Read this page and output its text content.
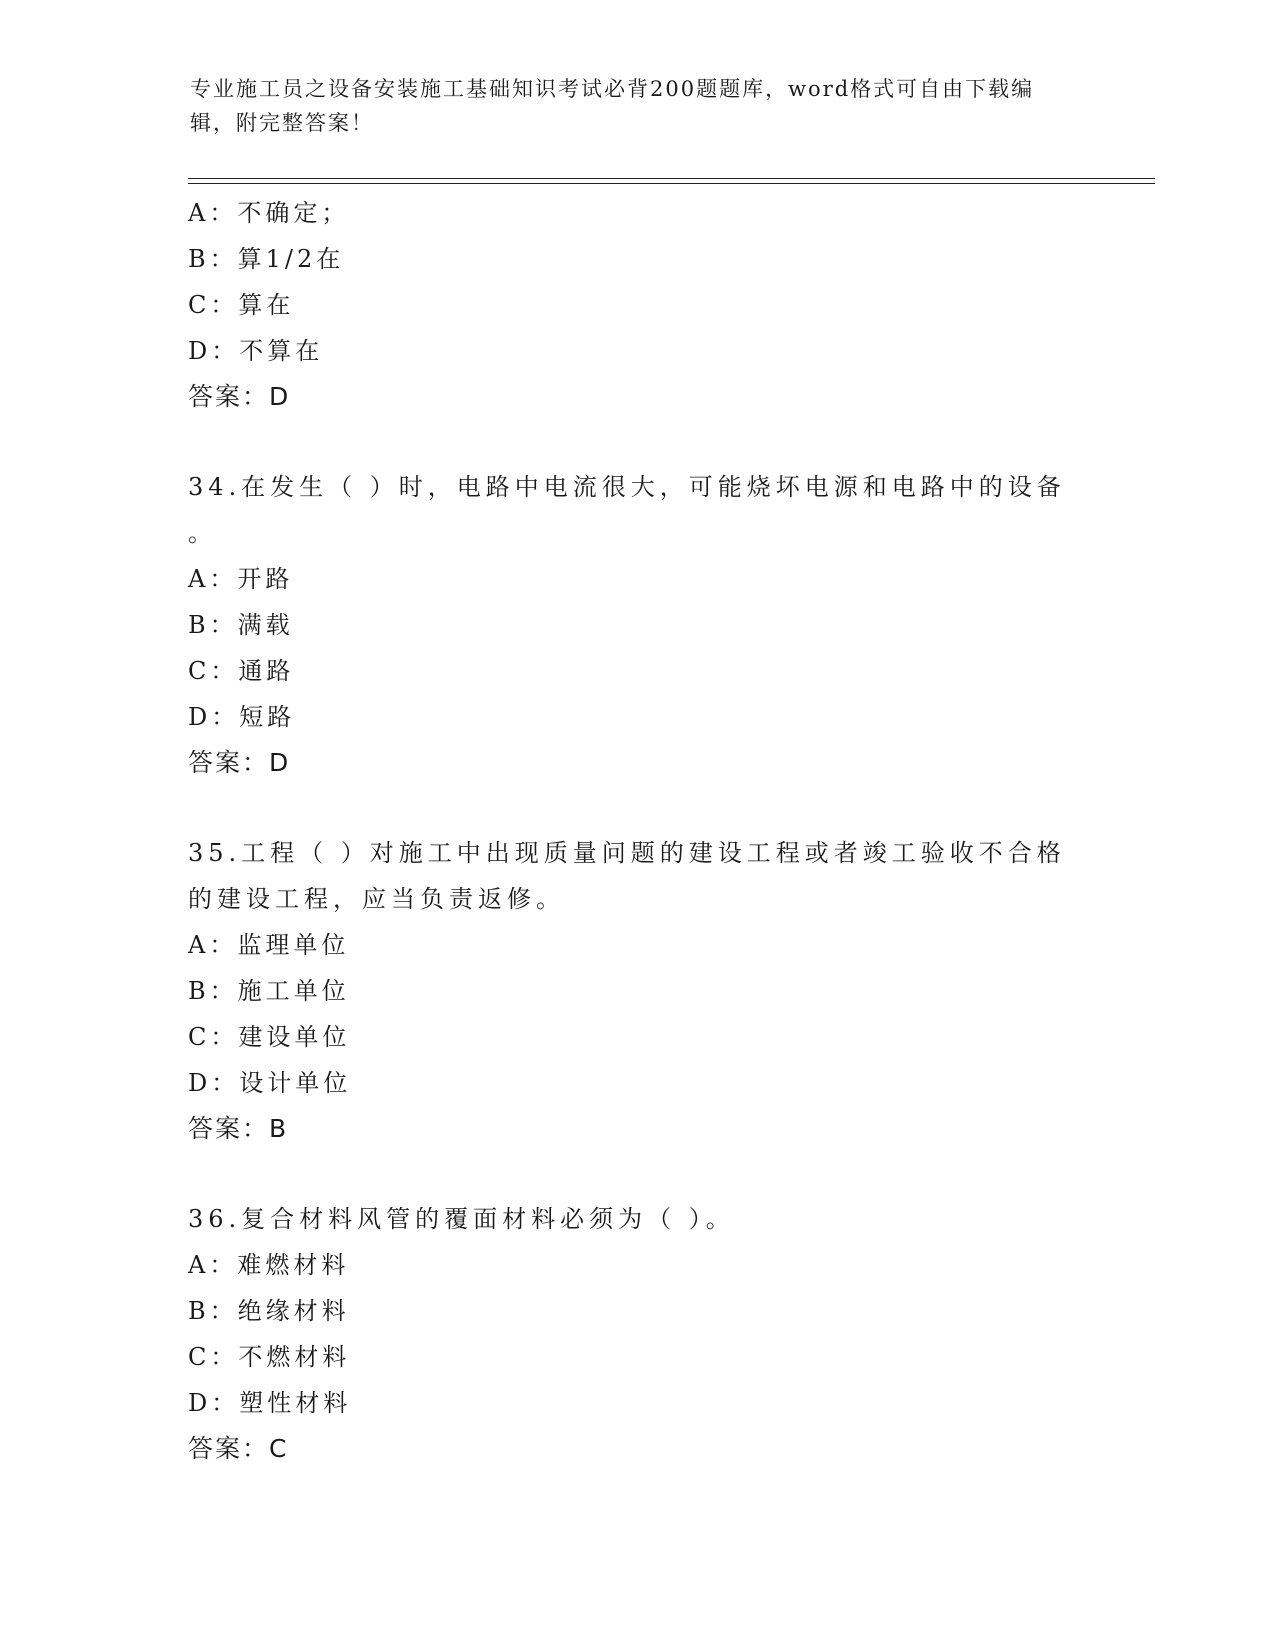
专业施工员之设备安装施工基础知识考试必背200题题库，word格式可自由下载编辑，附完整答案！
A：不确定；
B：算1/2在
C：算在
D：不算在
答案：D
34.在发生（ ）时，电路中电流很大，可能烧坏电源和电路中的设备 。
A：开路
B：满载
C：通路
D：短路
答案：D
35.工程（ ）对施工中出现质量问题的建设工程或者竣工验收不合格的建设工程，应当负责返修。
A：监理单位
B：施工单位
C：建设单位
D：设计单位
答案：B
36.复合材料风管的覆面材料必须为（ ）。
A：难燃材料
B：绝缘材料
C：不燃材料
D：塑性材料
答案：C
